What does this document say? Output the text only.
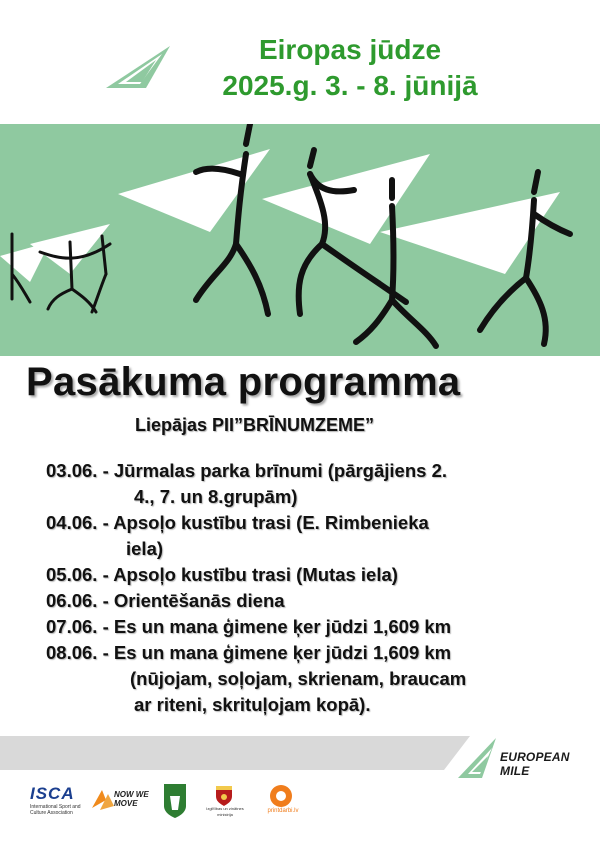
Eiropas jūdze
2025.g. 3. - 8. jūnijā
Pasākuma programma
Liepājas PII”BRĪNUMZEME”
03.06. - Jūrmalas parka brīnumi (pārgājiens 2.
4., 7. un 8.grupām)
04.06. - Apsoļo kustību trasi (E. Rimbenieka
iela)
05.06. - Apsoļo kustību trasi (Mutas iela)
06.06. - Orientēšanās diena
07.06. - Es un mana ģimene ķer jūdzi 1,609 km
08.06. - Es un mana ģimene ķer jūdzi 1,609 km
(nūjojam, soļojam, skrienam, braucam
ar riteni, skrituļojam kopā).
EUROPEAN MILE
ISCA
International Sport and Culture Association
NOW WE MOVE
Izglītības un zinātnes ministrija
printdarbi.lv
